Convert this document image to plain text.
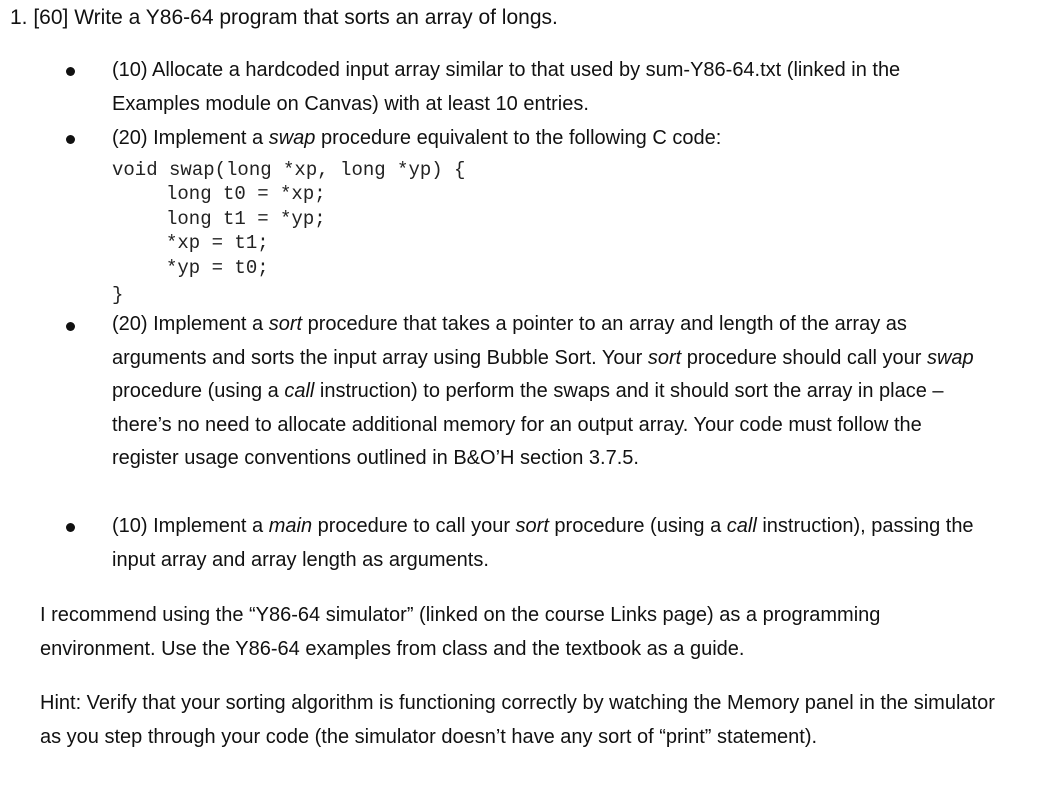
1. [60] Write a Y86-64 program that sorts an array of longs.
(10) Allocate a hardcoded input array similar to that used by sum-Y86-64.txt (linked in the Examples module on Canvas) with at least 10 entries.
(20) Implement a swap procedure equivalent to the following C code:
void swap(long *xp, long *yp) {
long t0 = *xp;
long t1 = *yp;
*xp = t1;
*yp = t0;
}
(20) Implement a sort procedure that takes a pointer to an array and length of the array as arguments and sorts the input array using Bubble Sort. Your sort procedure should call your swap procedure (using a call instruction) to perform the swaps and it should sort the array in place – there’s no need to allocate additional memory for an output array. Your code must follow the register usage conventions outlined in B&O’H section 3.7.5.
(10) Implement a main procedure to call your sort procedure (using a call instruction), passing the input array and array length as arguments.
I recommend using the “Y86-64 simulator” (linked on the course Links page) as a programming environment. Use the Y86-64 examples from class and the textbook as a guide.
Hint: Verify that your sorting algorithm is functioning correctly by watching the Memory panel in the simulator as you step through your code (the simulator doesn’t have any sort of “print” statement).
